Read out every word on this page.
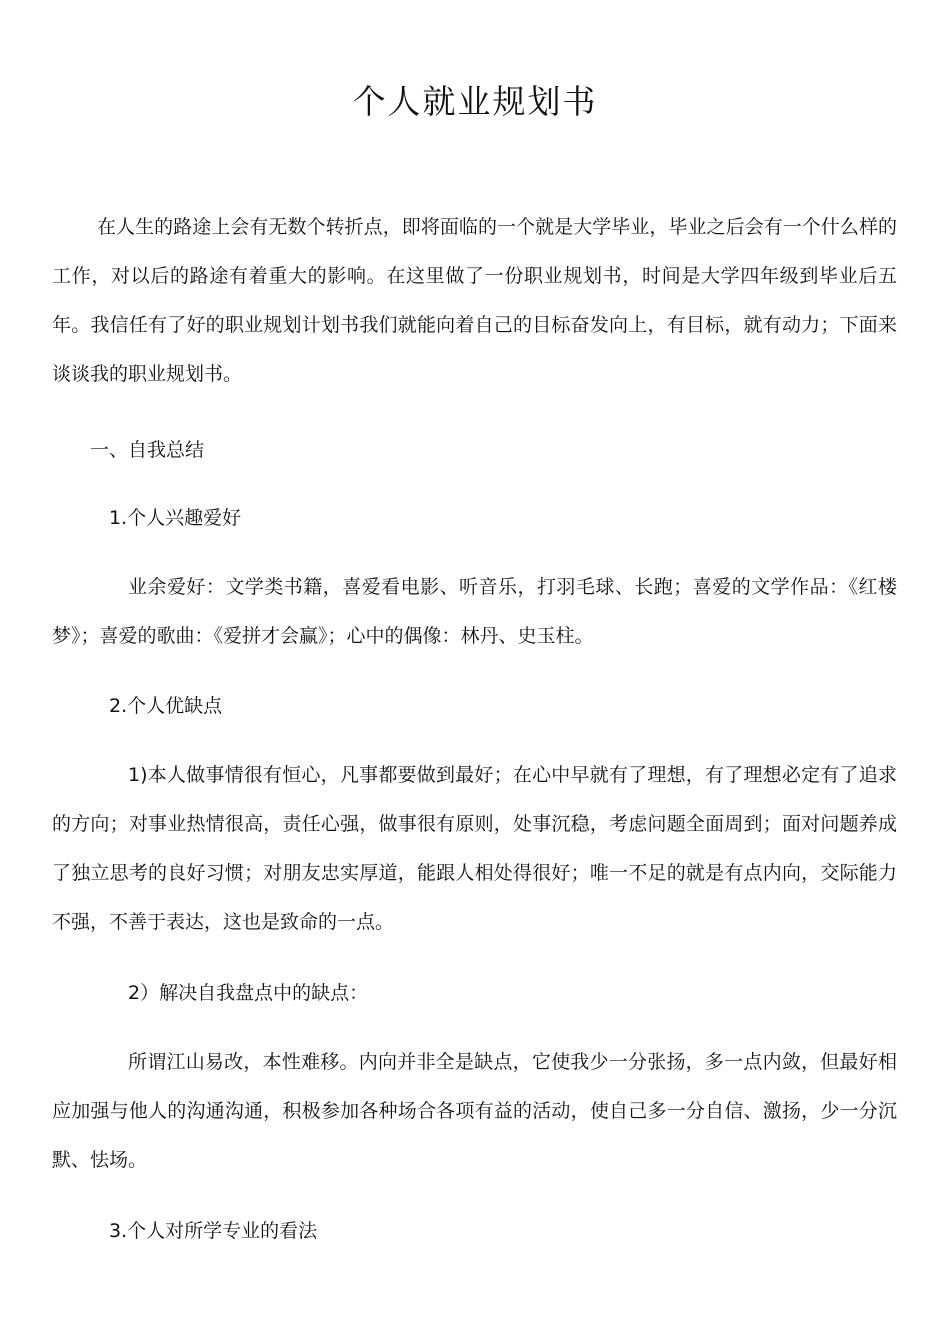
个人就业规划书
在人生的路途上会有无数个转折点，即将面临的一个就是大学毕业，毕业之后会有一个什么样的工作，对以后的路途有着重大的影响。在这里做了一份职业规划书，时间是大学四年级到毕业后五年。我信任有了好的职业规划计划书我们就能向着自己的目标奋发向上，有目标，就有动力；下面来谈谈我的职业规划书。
一、自我总结
1.个人兴趣爱好
业余爱好：文学类书籍，喜爱看电影、听音乐，打羽毛球、长跑；喜爱的文学作品：《红楼梦》；喜爱的歌曲：《爱拼才会赢》；心中的偶像：林丹、史玉柱。
2.个人优缺点
1)本人做事情很有恒心，凡事都要做到最好；在心中早就有了理想，有了理想必定有了追求的方向；对事业热情很高，责任心强，做事很有原则，处事沉稳，考虑问题全面周到；面对问题养成了独立思考的良好习惯；对朋友忠实厚道，能跟人相处得很好；唯一不足的就是有点内向，交际能力不强，不善于表达，这也是致命的一点。
2）解决自我盘点中的缺点：
所谓江山易改，本性难移。内向并非全是缺点，它使我少一分张扬，多一点内敛，但最好相应加强与他人的沟通沟通，积极参加各种场合各项有益的活动，使自己多一分自信、激扬，少一分沉默、怯场。
3.个人对所学专业的看法
